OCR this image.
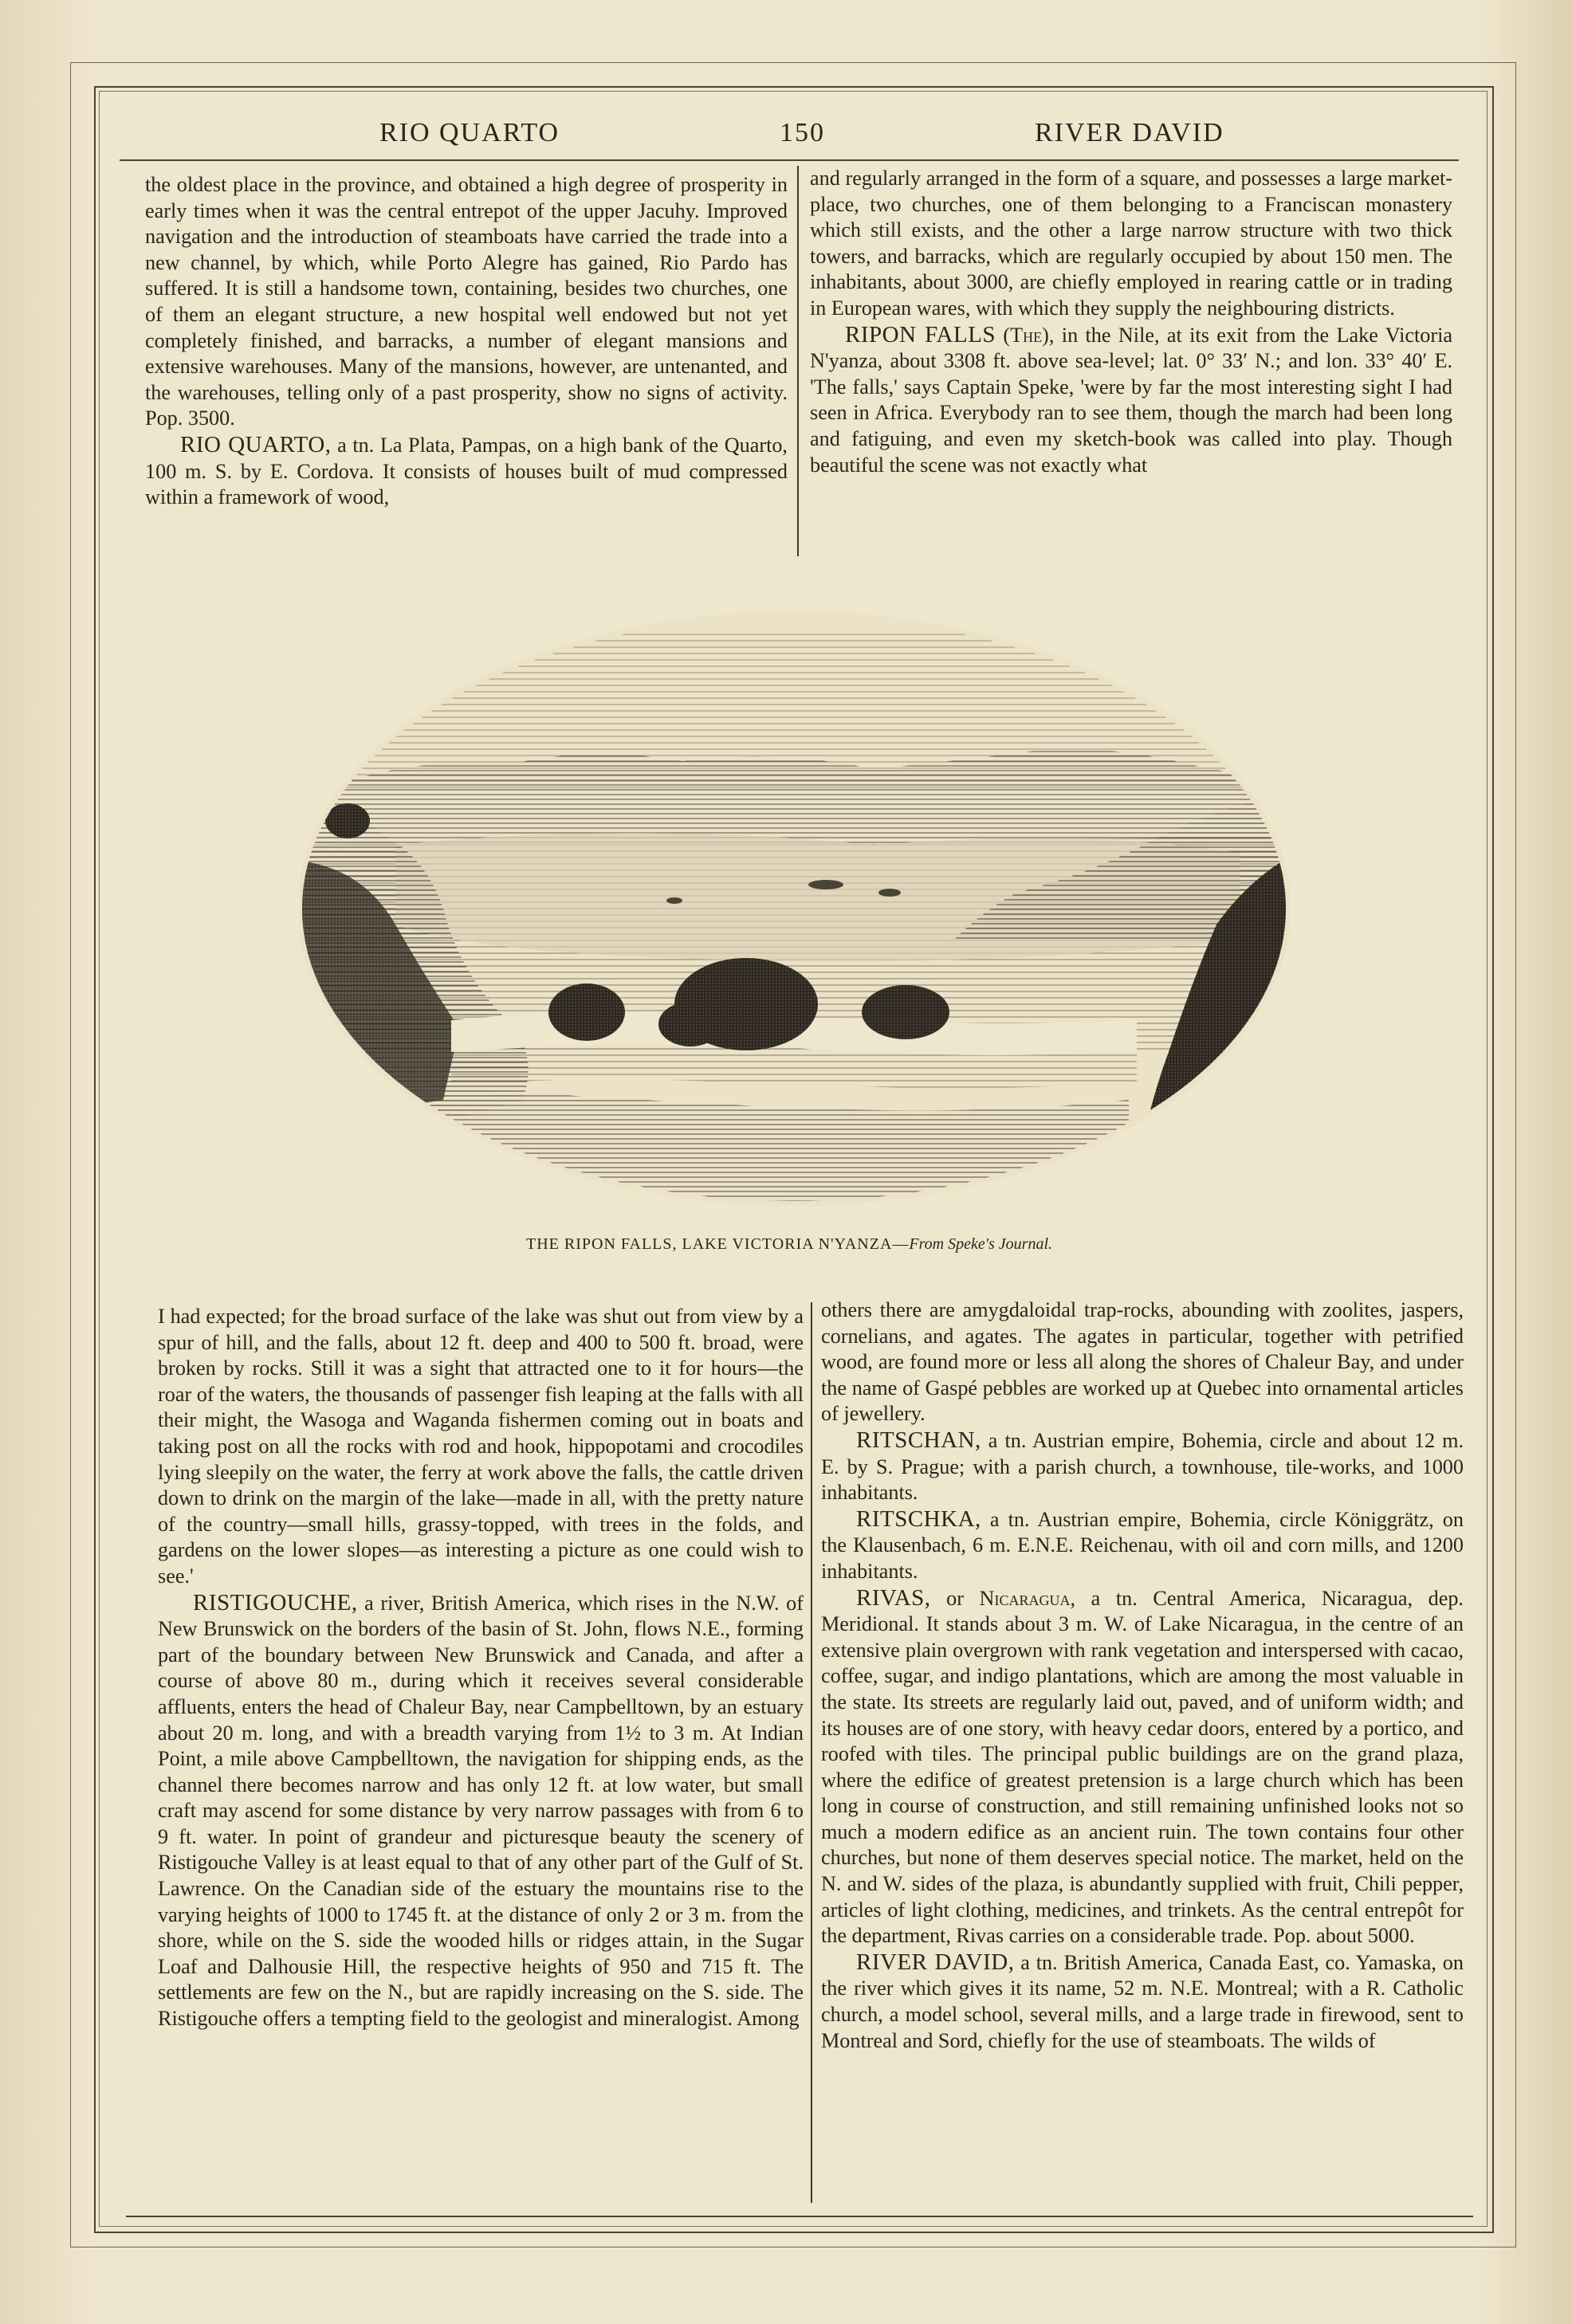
RIO QUARTO	150	RIVER DAVID

the oldest place in the province, and obtained a high degree of prosperity in early times when it was the central entrepot of the upper Jacuhy. Improved navigation and the introduction of steamboats have carried the trade into a new channel, by which, while Porto Alegre has gained, Rio Pardo has suffered. It is still a handsome town, containing, besides two churches, one of them an elegant structure, a new hospital well endowed but not yet completely finished, and barracks, a number of elegant mansions and extensive warehouses. Many of the mansions, however, are untenanted, and the warehouses, telling only of a past prosperity, show no signs of activity. Pop. 3500.

RIO QUARTO, a tn. La Plata, Pampas, on a high bank of the Quarto, 100 m. S. by E. Cordova. It consists of houses built of mud compressed within a framework of wood,

and regularly arranged in the form of a square, and possesses a large market-place, two churches, one of them belonging to a Franciscan monastery which still exists, and the other a large narrow structure with two thick towers, and barracks, which are regularly occupied by about 150 men. The inhabitants, about 3000, are chiefly employed in rearing cattle or in trading in European wares, with which they supply the neighbouring districts.

RIPON FALLS (The), in the Nile, at its exit from the Lake Victoria N'yanza, about 3308 ft. above sea-level; lat. 0° 33′ N.; and lon. 33° 40′ E. 'The falls,' says Captain Speke, 'were by far the most interesting sight I had seen in Africa. Everybody ran to see them, though the march had been long and fatiguing, and even my sketch-book was called into play. Though beautiful the scene was not exactly what

THE RIPON FALLS, LAKE VICTORIA N'YANZA—From Speke's Journal.

I had expected; for the broad surface of the lake was shut out from view by a spur of hill, and the falls, about 12 ft. deep and 400 to 500 ft. broad, were broken by rocks. Still it was a sight that attracted one to it for hours—the roar of the waters, the thousands of passenger fish leaping at the falls with all their might, the Wasoga and Waganda fishermen coming out in boats and taking post on all the rocks with rod and hook, hippopotami and crocodiles lying sleepily on the water, the ferry at work above the falls, the cattle driven down to drink on the margin of the lake—made in all, with the pretty nature of the country—small hills, grassy-topped, with trees in the folds, and gardens on the lower slopes—as interesting a picture as one could wish to see.'

RISTIGOUCHE, a river, British America, which rises in the N.W. of New Brunswick on the borders of the basin of St. John, flows N.E., forming part of the boundary between New Brunswick and Canada, and after a course of above 80 m., during which it receives several considerable affluents, enters the head of Chaleur Bay, near Campbelltown, by an estuary about 20 m. long, and with a breadth varying from 1½ to 3 m. At Indian Point, a mile above Campbelltown, the navigation for shipping ends, as the channel there becomes narrow and has only 12 ft. at low water, but small craft may ascend for some distance by very narrow passages with from 6 to 9 ft. water. In point of grandeur and picturesque beauty the scenery of Ristigouche Valley is at least equal to that of any other part of the Gulf of St. Lawrence. On the Canadian side of the estuary the mountains rise to the varying heights of 1000 to 1745 ft. at the distance of only 2 or 3 m. from the shore, while on the S. side the wooded hills or ridges attain, in the Sugar Loaf and Dalhousie Hill, the respective heights of 950 and 715 ft. The settlements are few on the N., but are rapidly increasing on the S. side. The Ristigouche offers a tempting field to the geologist and mineralogist. Among

others there are amygdaloidal trap-rocks, abounding with zoolites, jaspers, cornelians, and agates. The agates in particular, together with petrified wood, are found more or less all along the shores of Chaleur Bay, and under the name of Gaspé pebbles are worked up at Quebec into ornamental articles of jewellery.

RITSCHAN, a tn. Austrian empire, Bohemia, circle and about 12 m. E. by S. Prague; with a parish church, a townhouse, tile-works, and 1000 inhabitants.

RITSCHKA, a tn. Austrian empire, Bohemia, circle Königgrätz, on the Klausenbach, 6 m. E.N.E. Reichenau, with oil and corn mills, and 1200 inhabitants.

RIVAS, or Nicaragua, a tn. Central America, Nicaragua, dep. Meridional. It stands about 3 m. W. of Lake Nicaragua, in the centre of an extensive plain overgrown with rank vegetation and interspersed with cacao, coffee, sugar, and indigo plantations, which are among the most valuable in the state. Its streets are regularly laid out, paved, and of uniform width; and its houses are of one story, with heavy cedar doors, entered by a portico, and roofed with tiles. The principal public buildings are on the grand plaza, where the edifice of greatest pretension is a large church which has been long in course of construction, and still remaining unfinished looks not so much a modern edifice as an ancient ruin. The town contains four other churches, but none of them deserves special notice. The market, held on the N. and W. sides of the plaza, is abundantly supplied with fruit, Chili pepper, articles of light clothing, medicines, and trinkets. As the central entrepôt for the department, Rivas carries on a considerable trade. Pop. about 5000.

RIVER DAVID, a tn. British America, Canada East, co. Yamaska, on the river which gives it its name, 52 m. N.E. Montreal; with a R. Catholic church, a model school, several mills, and a large trade in firewood, sent to Montreal and Sord, chiefly for the use of steamboats. The wilds of
